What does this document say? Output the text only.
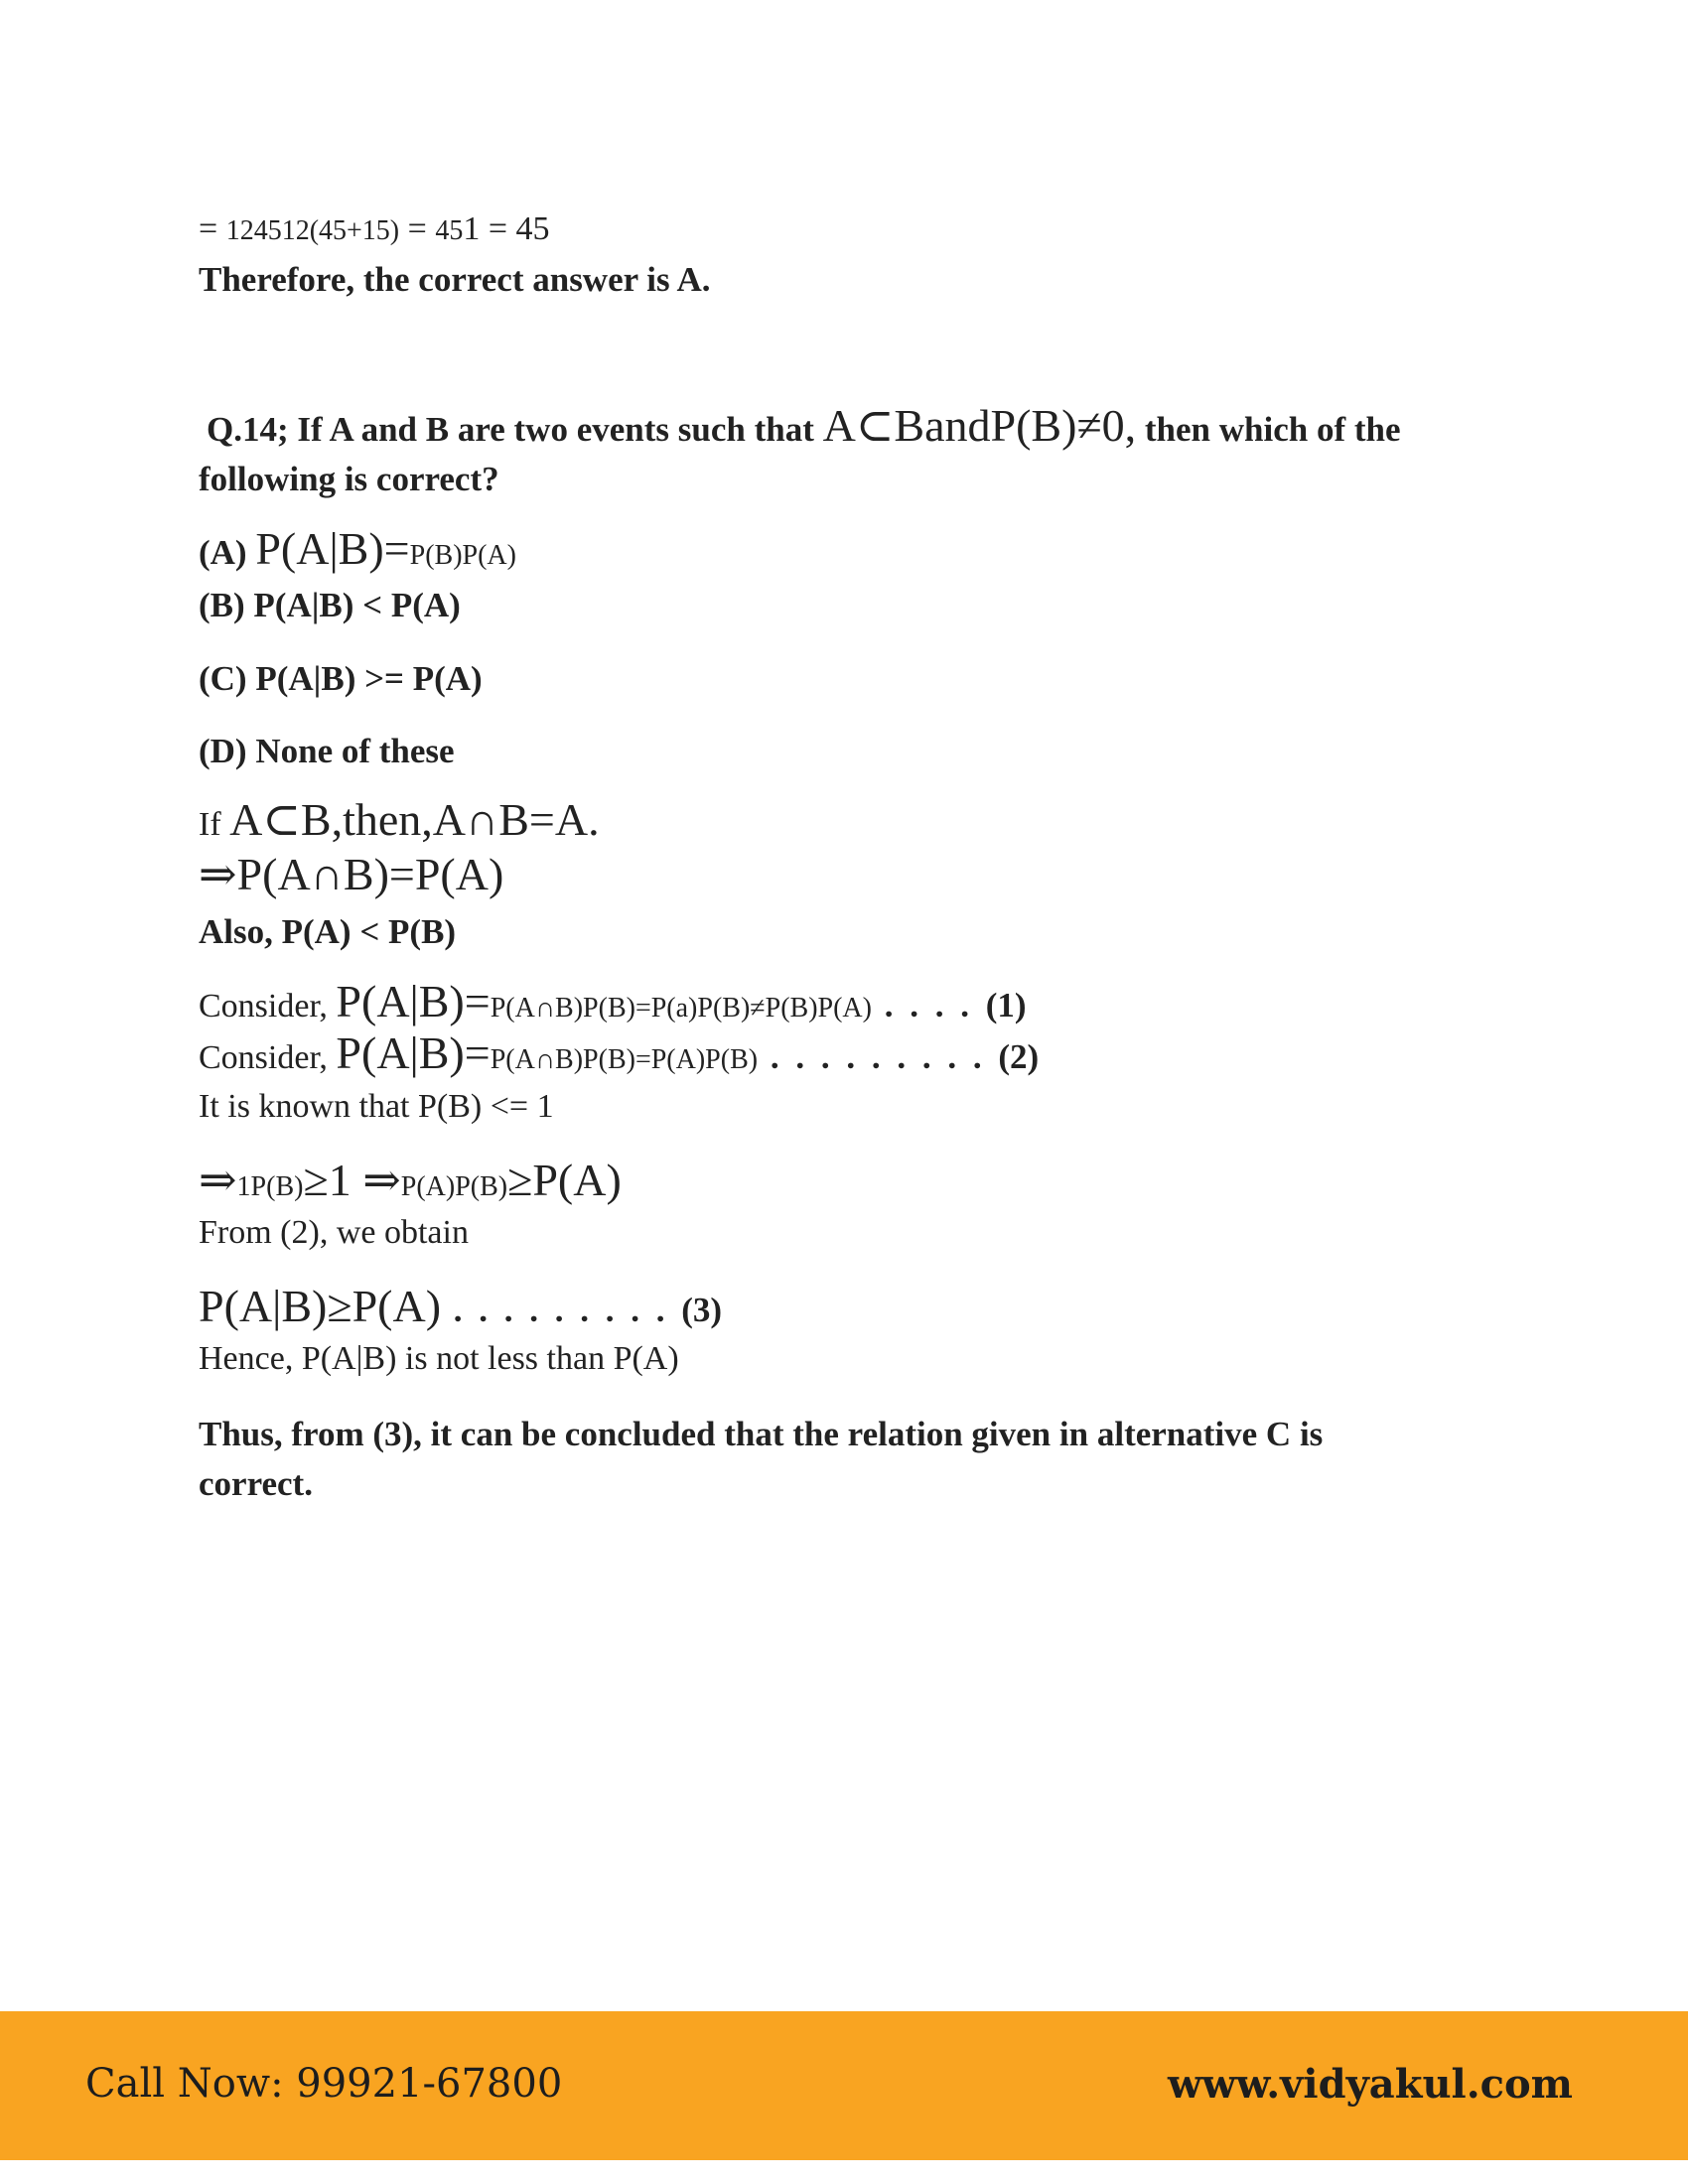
= 124512(45+15) = 451 = 45
Therefore, the correct answer is A.
Q.14; If A and B are two events such that A⊂BandP(B)≠0, then which of the
following is correct?
(A) P(A|B)=P(B)P(A)
(B) P(A|B) < P(A)
(C) P(A|B) >= P(A)
(D) None of these
If A⊂B,then,A∩B=A.
⇒P(A∩B)=P(A)
Also, P(A) < P(B)
Consider, P(A|B)=P(A∩B)P(B)=P(a)P(B)≠P(B)P(A) . . . . (1)
Consider, P(A|B)=P(A∩B)P(B)=P(A)P(B) . . . . . . . . . (2)
It is known that P(B) <= 1
⇒1P(B)≥1 ⇒P(A)P(B)≥P(A)
From (2), we obtain
P(A|B)≥P(A) . . . . . . . . . (3)
Hence, P(A|B) is not less than P(A)
Thus, from (3), it can be concluded that the relation given in alternative C is
correct.
Call Now: 99921-67800	www.vidyakul.com
